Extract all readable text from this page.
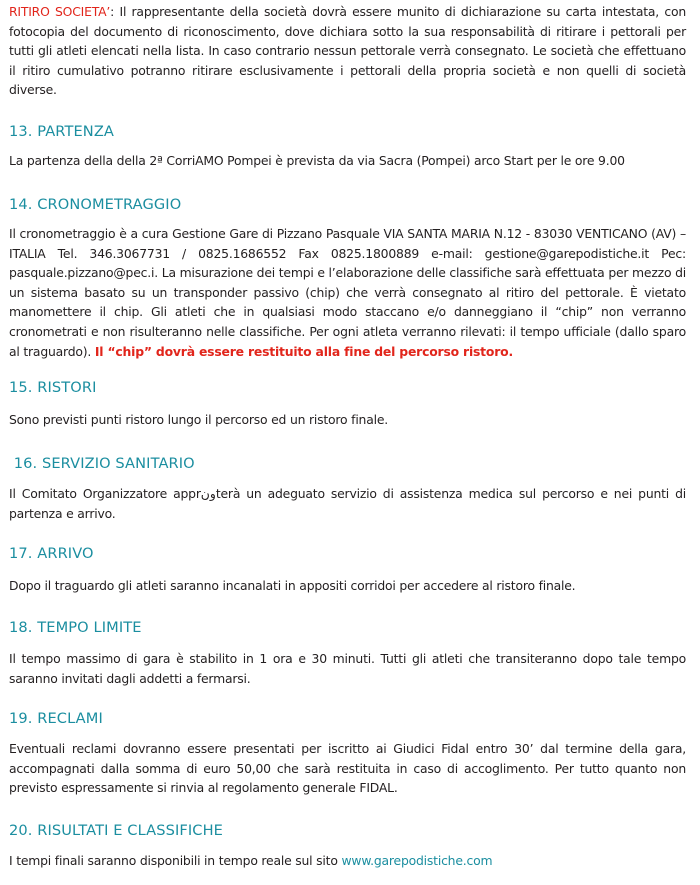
RITIRO SOCIETA’: Il rappresentante della società dovrà essere munito di dichiarazione su carta intestata, con fotocopia del documento di riconoscimento, dove dichiara sotto la sua responsabilità di ritirare i pettorali per tutti gli atleti elencati nella lista. In caso contrario nessun pettorale verrà consegnato. Le società che effettuano il ritiro cumulativo potranno ritirare esclusivamente i pettorali della propria società e non quelli di società diverse.

13. PARTENZA

La partenza della della 2ª CorriAMO Pompei è prevista da via Sacra (Pompei) arco Start per le ore 9.00

14. CRONOMETRAGGIO

Il cronometraggio è a cura Gestione Gare di Pizzano Pasquale VIA SANTA MARIA N.12 - 83030 VENTICANO (AV) – ITALIA Tel. 346.3067731 / 0825.1686552 Fax 0825.1800889 e-mail: gestione@garepodistiche.it Pec: pasquale.pizzano@pec.i. La misurazione dei tempi e l’elaborazione delle classifiche sarà effettuata per mezzo di un sistema basato su un transponder passivo (chip) che verrà consegnato al ritiro del pettorale. È vietato manomettere il chip. Gli atleti che in qualsiasi modo staccano e/o danneggiano il “chip” non verranno cronometrati e non risulteranno nelle classifiche. Per ogni atleta verranno rilevati: il tempo ufficiale (dallo sparo al traguardo). Il “chip” dovrà essere restituito alla fine del percorso ristoro.

15. RISTORI

Sono previsti punti ristoro lungo il percorso ed un ristoro finale.

16. SERVIZIO SANITARIO

Il Comitato Organizzatore apprونterà un adeguato servizio di assistenza medica sul percorso e nei punti di partenza e arrivo.

17. ARRIVO

Dopo il traguardo gli atleti saranno incanalati in appositi corridoi per accedere al ristoro finale.

18. TEMPO LIMITE

Il tempo massimo di gara è stabilito in 1 ora e 30 minuti. Tutti gli atleti che transiteranno dopo tale tempo saranno invitati dagli addetti a fermarsi.

19. RECLAMI

Eventuali reclami dovranno essere presentati per iscritto ai Giudici Fidal entro 30’ dal termine della gara, accompagnati dalla somma di euro 50,00 che sarà restituita in caso di accoglimento. Per tutto quanto non previsto espressamente si rinvia al regolamento generale FIDAL.

20. RISULTATI E CLASSIFICHE

I tempi finali saranno disponibili in tempo reale sul sito www.garepodistiche.com
